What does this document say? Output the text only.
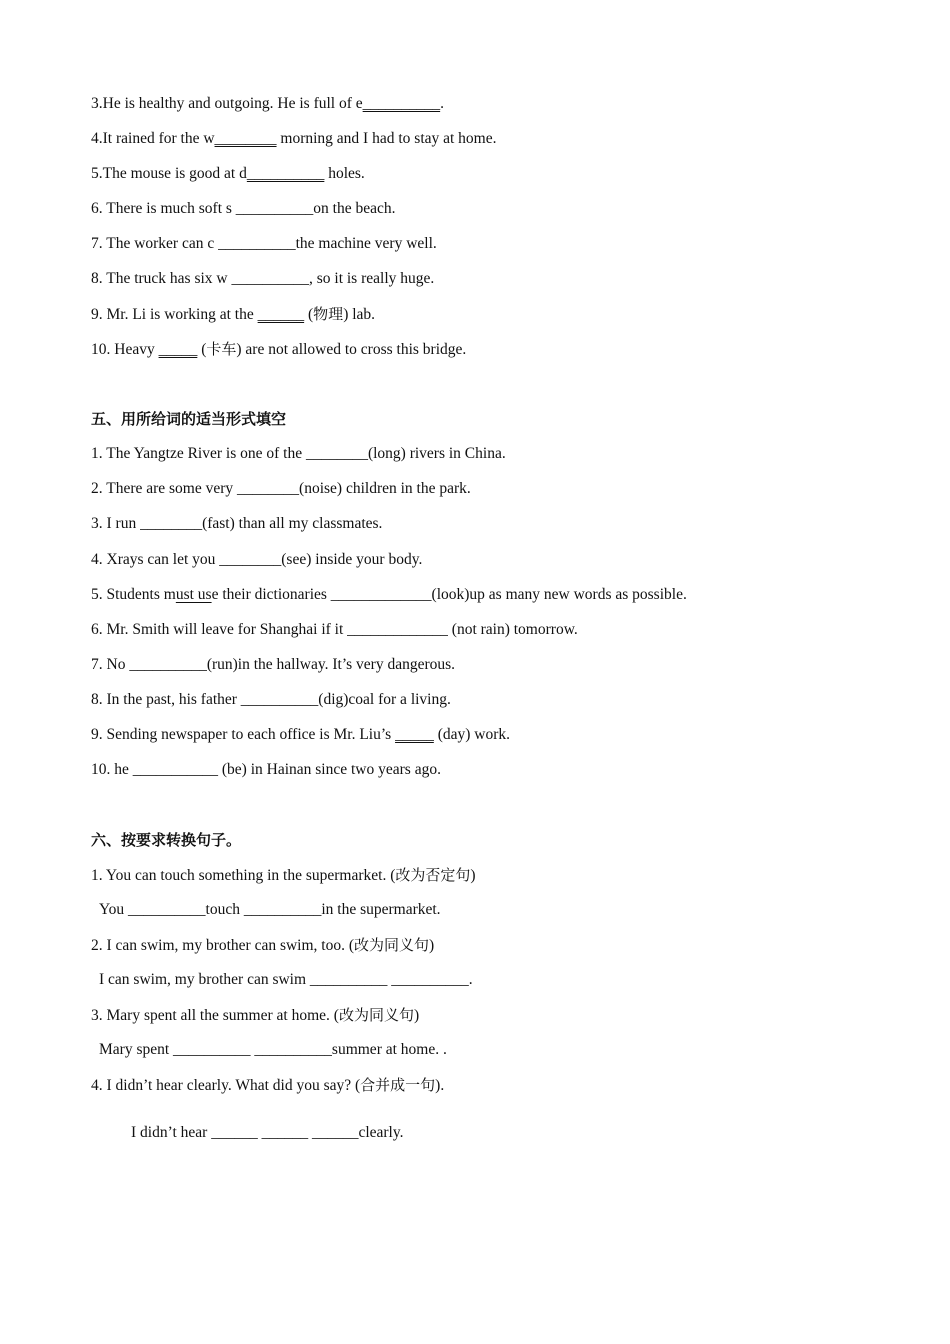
3.He is healthy and outgoing. He is full of e__________.
4.It rained for the w________ morning and I had to stay at home.
5.The mouse is good at d__________ holes.
6. There is much soft s __________on the beach.
7. The worker can c __________the machine very well.
8. The truck has six w __________, so it is really huge.
9. Mr. Li is working at the ______ (物理) lab.
10. Heavy _____ (卡车) are not allowed to cross this bridge.
五、用所给词的适当形式填空
1. The Yangtze River is one of the ________(long) rivers in China.
2. There are some very ________(noise) children in the park.
3. I run ________(fast) than all my classmates.
4. Xrays can let you ________(see) inside your body.
5. Students must use their dictionaries _____________(look)up as many new words as possible.
6. Mr. Smith will leave for Shanghai if it _____________ (not rain) tomorrow.
7. No __________(run)in the hallway. It’s very dangerous.
8. In the past, his father __________(dig)coal for a living.
9. Sending newspaper to each office is Mr. Liu’s _____ (day) work.
10. he ___________ (be) in Hainan since two years ago.
六、按要求转换句子。
1. You can touch something in the supermarket. (改为否定句)
You __________touch __________in the supermarket.
2. I can swim, my brother can swim, too. (改为同义句)
I can swim, my brother can swim __________ __________.
3. Mary spent all the summer at home. (改为同义句)
Mary spent __________ __________summer at home. .
4. I didn’t hear clearly. What did you say? (合并成一句).
I didn’t hear ______ ______ ______clearly.
